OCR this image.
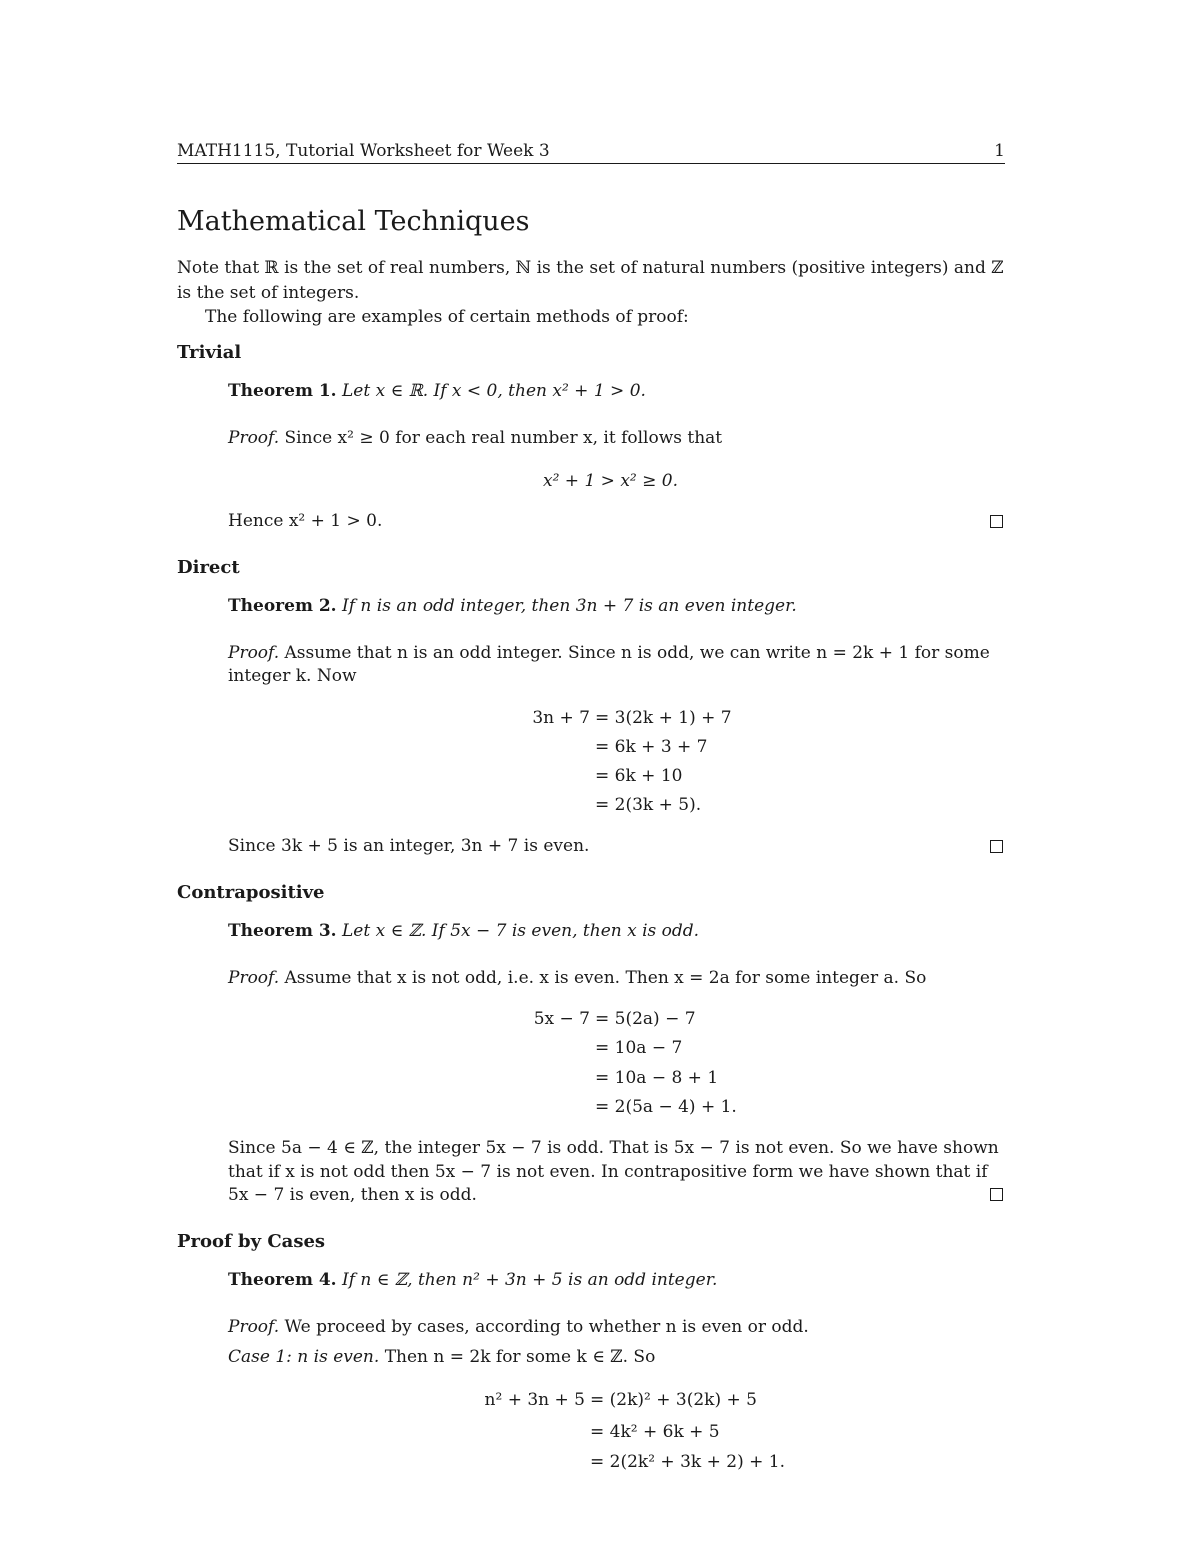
MATH1115, Tutorial Worksheet for Week 3	1
Mathematical Techniques
Note that ℝ is the set of real numbers, ℕ is the set of natural numbers (positive integers) and ℤ
is the set of integers.
The following are examples of certain methods of proof:
Trivial
Theorem 1. Let x ∈ ℝ. If x < 0, then x² + 1 > 0.
Proof. Since x² ≥ 0 for each real number x, it follows that
x² + 1 > x² ≥ 0.
Hence x² + 1 > 0.
Direct
Theorem 2. If n is an odd integer, then 3n + 7 is an even integer.
Proof. Assume that n is an odd integer. Since n is odd, we can write n = 2k + 1 for some
integer k. Now
3n + 7 = 3(2k + 1) + 7
= 6k + 3 + 7
= 6k + 10
= 2(3k + 5).
Since 3k + 5 is an integer, 3n + 7 is even.
Contrapositive
Theorem 3. Let x ∈ ℤ. If 5x − 7 is even, then x is odd.
Proof. Assume that x is not odd, i.e. x is even. Then x = 2a for some integer a. So
5x − 7 = 5(2a) − 7
= 10a − 7
= 10a − 8 + 1
= 2(5a − 4) + 1.
Since 5a − 4 ∈ ℤ, the integer 5x − 7 is odd. That is 5x − 7 is not even. So we have shown
that if x is not odd then 5x − 7 is not even. In contrapositive form we have shown that if
5x − 7 is even, then x is odd.
Proof by Cases
Theorem 4. If n ∈ ℤ, then n² + 3n + 5 is an odd integer.
Proof. We proceed by cases, according to whether n is even or odd.
Case 1: n is even. Then n = 2k for some k ∈ ℤ. So
n² + 3n + 5 = (2k)² + 3(2k) + 5
= 4k² + 6k + 5
= 2(2k² + 3k + 2) + 1.
